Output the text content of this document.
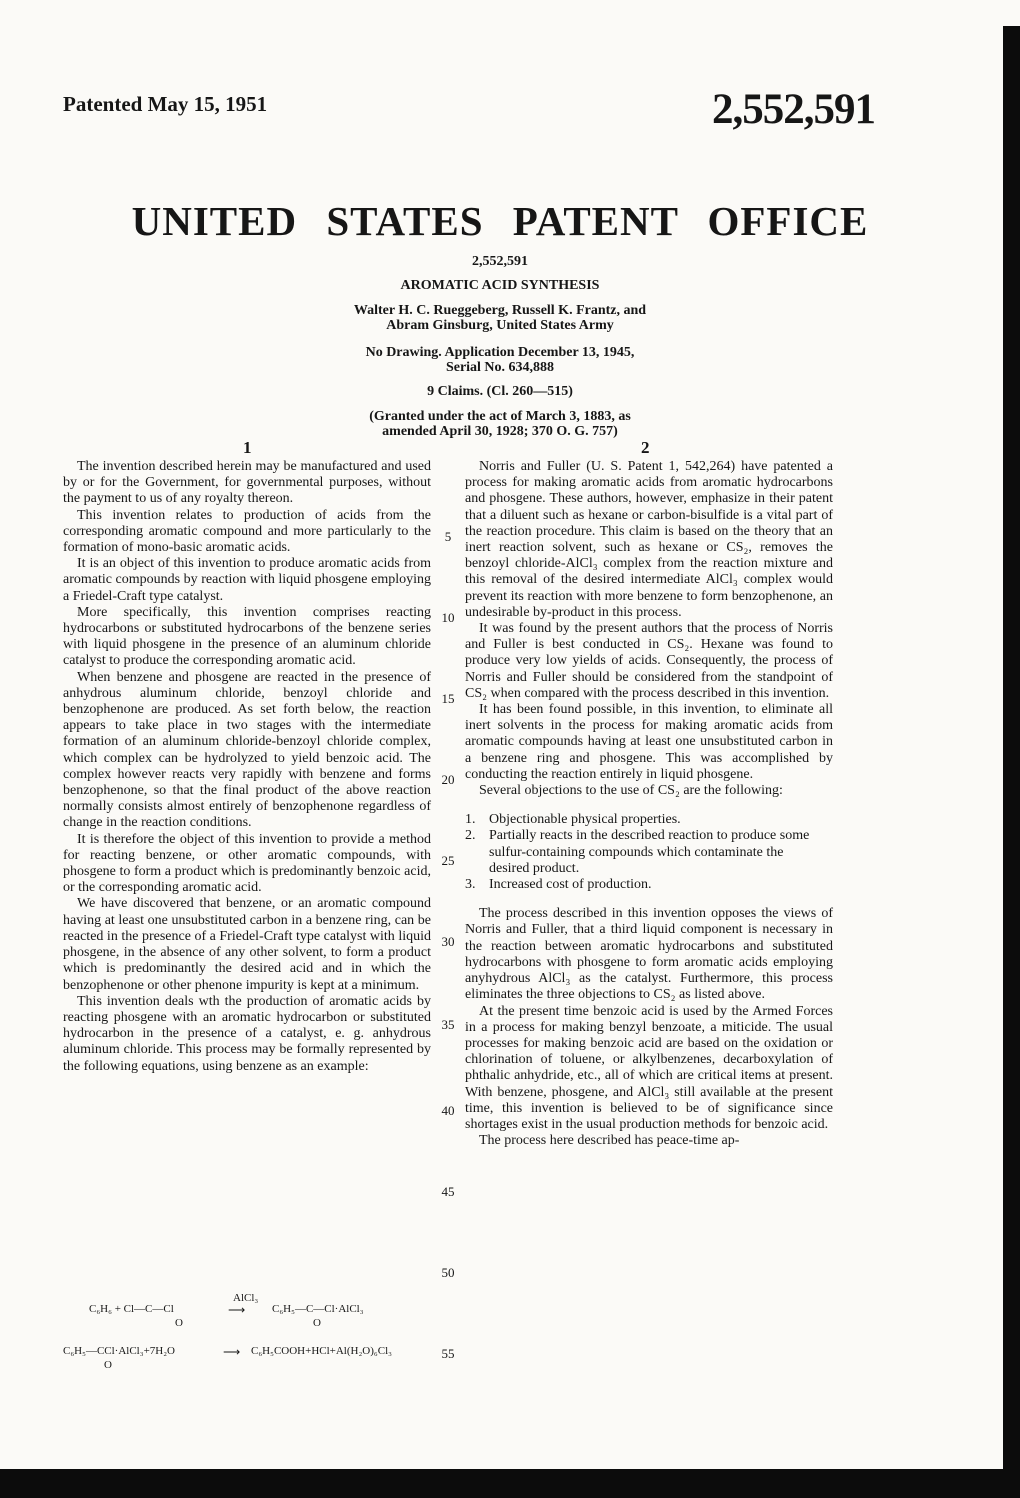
Patented May 15, 1951	2,552,591
UNITED STATES PATENT OFFICE
2,552,591
AROMATIC ACID SYNTHESIS
Walter H. C. Rueggeberg, Russell K. Frantz, and
Abram Ginsburg, United States Army
No Drawing. Application December 13, 1945,
Serial No. 634,888
9 Claims. (Cl. 260—515)
(Granted under the act of March 3, 1883, as
amended April 30, 1928; 370 O. G. 757)
1	2

The invention described herein may be manufactured and used by or for the Government, for governmental purposes, without the payment to us of any royalty thereon.

This invention relates to production of acids from the corresponding aromatic compound and more particularly to the formation of mono-basic aromatic acids.

It is an object of this invention to produce aromatic acids from aromatic compounds by reaction with liquid phosgene employing a Friedel-Craft type catalyst.

More specifically, this invention comprises reacting hydrocarbons or substituted hydrocarbons of the benzene series with liquid phosgene in the presence of an aluminum chloride catalyst to produce the corresponding aromatic acid.

When benzene and phosgene are reacted in the presence of anhydrous aluminum chloride, benzoyl chloride and benzophenone are produced. As set forth below, the reaction appears to take place in two stages with the intermediate formation of an aluminum chloride-benzoyl chloride complex, which complex can be hydrolyzed to yield benzoic acid. The complex however reacts very rapidly with benzene and forms benzophenone, so that the final product of the above reaction normally consists almost entirely of benzophenone regardless of change in the reaction conditions.

It is therefore the object of this invention to provide a method for reacting benzene, or other aromatic compounds, with phosgene to form a product which is predominantly benzoic acid, or the corresponding aromatic acid.

We have discovered that benzene, or an aromatic compound having at least one unsubstituted carbon in a benzene ring, can be reacted in the presence of a Friedel-Craft type catalyst with liquid phosgene, in the absence of any other solvent, to form a product which is predominantly the desired acid and in which the benzophenone or other phenone impurity is kept at a minimum.

This invention deals wth the production of aromatic acids by reacting phosgene with an aromatic hydrocarbon or substituted hydrocarbon in the presence of a catalyst, e. g. anhydrous aluminum chloride. This process may be formally represented by the following equations, using benzene as an example:

C₆H₆ + Cl—C—Cl
O
AlCl₃
⟶ C₆H₅—C—Cl·AlCl₃
O
C₆H₅—CCl·AlCl₃+7H₂O
O
⟶ C₆H₅COOH+HCl+Al(H₂O)₆Cl₃
5
10
15
20
25
30
35
40
45
50
55

Norris and Fuller (U. S. Patent 1, 542,264) have patented a process for making aromatic acids from aromatic hydrocarbons and phosgene. These authors, however, emphasize in their patent that a diluent such as hexane or carbon-bisulfide is a vital part of the reaction procedure. This claim is based on the theory that an inert reaction solvent, such as hexane or CS₂, removes the benzoyl chloride-AlCl₃ complex from the reaction mixture and this removal of the desired intermediate AlCl₃ complex would prevent its reaction with more benzene to form benzophenone, an undesirable by-product in this process.

It was found by the present authors that the process of Norris and Fuller is best conducted in CS₂. Hexane was found to produce very low yields of acids. Consequently, the process of Norris and Fuller should be considered from the standpoint of CS₂ when compared with the process described in this invention.

It has been found possible, in this invention, to eliminate all inert solvents in the process for making aromatic acids from aromatic compounds having at least one unsubstituted carbon in a benzene ring and phosgene. This was accomplished by conducting the reaction entirely in liquid phosgene.

Several objections to the use of CS₂ are the following:

1. Objectionable physical properties.
2. Partially reacts in the described reaction to produce some sulfur-containing compounds which contaminate the desired product.
3. Increased cost of production.

The process described in this invention opposes the views of Norris and Fuller, that a third liquid component is necessary in the reaction between aromatic hydrocarbons and substituted hydrocarbons with phosgene to form aromatic acids employing anyhydrous AlCl₃ as the catalyst. Furthermore, this process eliminates the three objections to CS₂ as listed above.

At the present time benzoic acid is used by the Armed Forces in a process for making benzyl benzoate, a miticide. The usual processes for making benzoic acid are based on the oxidation or chlorination of toluene, or alkylbenzenes, decarboxylation of phthalic anhydride, etc., all of which are critical items at present. With benzene, phosgene, and AlCl₃ still available at the present time, this invention is believed to be of significance since shortages exist in the usual production methods for benzoic acid.

The process here described has peace-time ap-
